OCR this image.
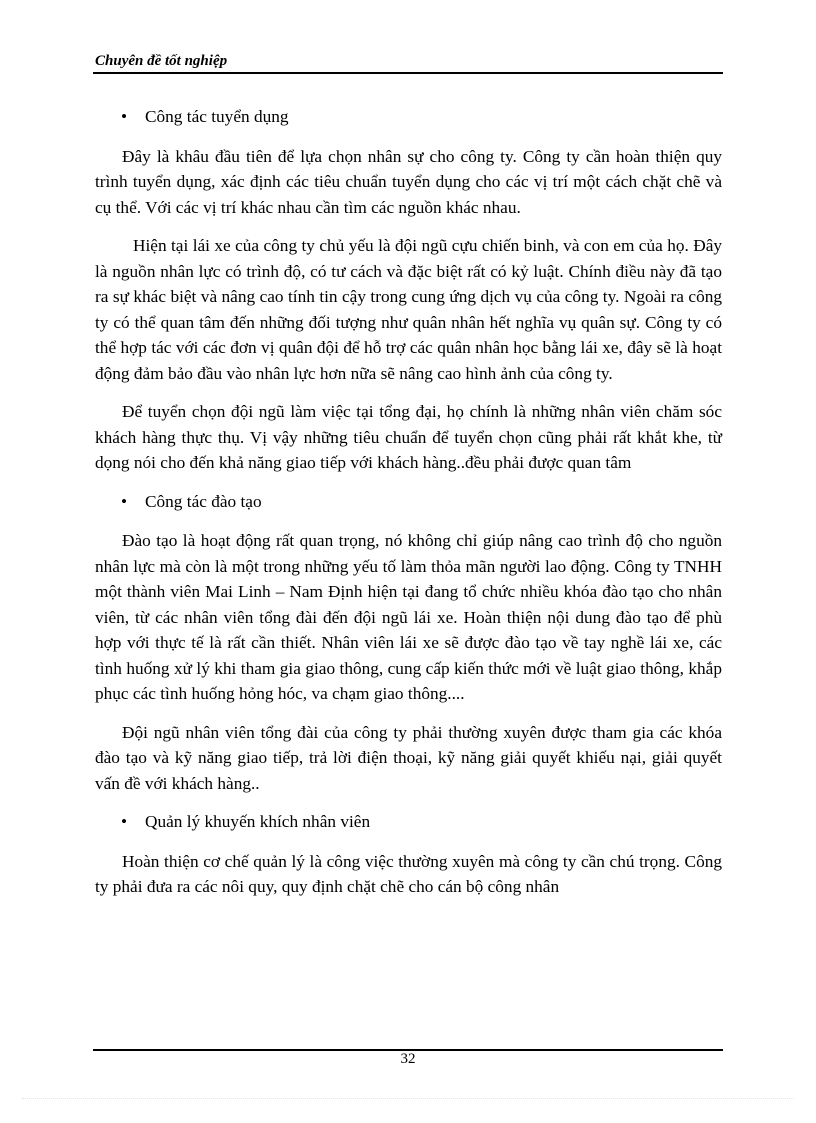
Chuyên đề tốt nghiệp
• Công tác tuyển dụng

Đây là khâu đầu tiên để lựa chọn nhân sự cho công ty. Công ty cần hoàn thiện quy trình tuyển dụng, xác định các tiêu chuẩn tuyển dụng cho các vị trí một cách chặt chẽ và cụ thể. Với các vị trí khác nhau cần tìm các nguồn khác nhau.

Hiện tại lái xe của công ty chủ yếu là đội ngũ cựu chiến binh, và con em của họ. Đây là nguồn nhân lực có trình độ, có tư cách và đặc biệt rất có kỷ luật. Chính điều này đã tạo ra sự khác biệt và nâng cao tính tin cậy trong cung ứng dịch vụ của công ty. Ngoài ra công ty có thể quan tâm đến những đối tượng như quân nhân hết nghĩa vụ quân sự. Công ty có thể hợp tác với các đơn vị quân đội để hỗ trợ các quân nhân học bằng lái xe, đây sẽ là hoạt động đảm bảo đầu vào nhân lực hơn nữa sẽ nâng cao hình ảnh của công ty.

Để tuyển chọn đội ngũ làm việc tại tổng đại, họ chính là những nhân viên chăm sóc khách hàng thực thụ. Vị vậy những tiêu chuẩn để tuyển chọn cũng phải rất khắt khe, từ dọng nói cho đến khả năng giao tiếp với khách hàng..đều phải được quan tâm

• Công tác đào tạo

Đào tạo là hoạt động rất quan trọng, nó không chỉ giúp nâng cao trình độ cho nguồn nhân lực mà còn là một trong những yếu tố làm thỏa mãn người lao động. Công ty TNHH một thành viên Mai Linh – Nam Định hiện tại đang tổ chức nhiều khóa đào tạo cho nhân viên, từ các nhân viên tổng đài đến đội ngũ lái xe. Hoàn thiện nội dung đào tạo để phù hợp với thực tế là rất cần thiết. Nhân viên lái xe sẽ được đào tạo về tay nghề lái xe, các tình huống xử lý khi tham gia giao thông, cung cấp kiến thức mới về luật giao thông, khắp phục các tình huống hỏng hóc, va chạm giao thông....

Đội ngũ nhân viên tổng đài của công ty phải thường xuyên được tham gia các khóa đào tạo và kỹ năng giao tiếp, trả lời điện thoại, kỹ năng giải quyết khiếu nại, giải quyết vấn đề với khách hàng..

• Quản lý khuyến khích nhân viên

Hoàn thiện cơ chế quản lý là công việc thường xuyên mà công ty cần chú trọng. Công ty phải đưa ra các nôi quy, quy định chặt chẽ cho cán bộ công nhân

32
